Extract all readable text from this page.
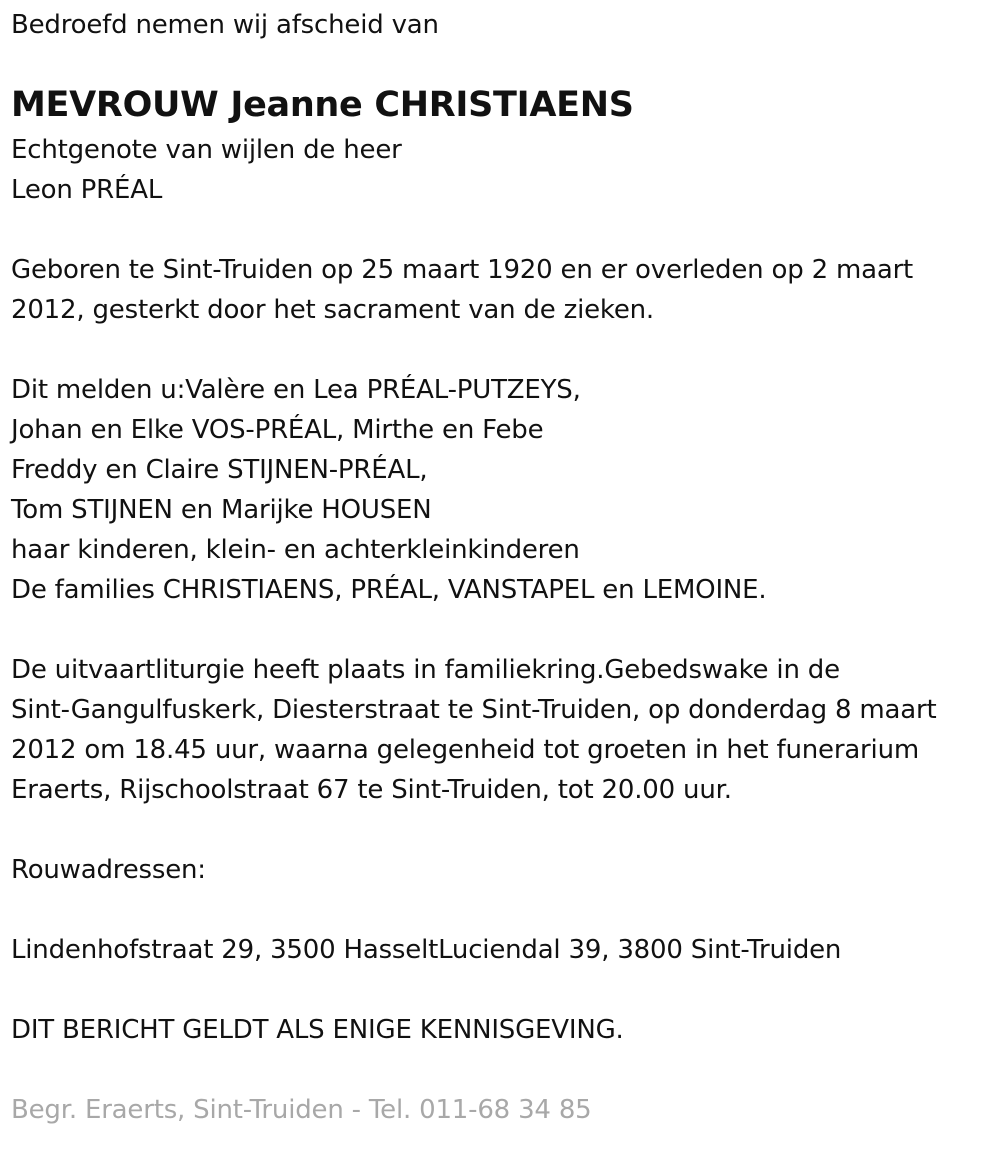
Bedroefd nemen wij afscheid van
MEVROUW Jeanne CHRISTIAENS
Echtgenote van wijlen de heer
Leon PRÉAL
Geboren te Sint-Truiden op 25 maart 1920 en er overleden op 2 maart
2012, gesterkt door het sacrament van de zieken.
Dit melden u:Valère en Lea PRÉAL-PUTZEYS,
Johan en Elke VOS-PRÉAL, Mirthe en Febe
Freddy en Claire STIJNEN-PRÉAL,
Tom STIJNEN en Marijke HOUSEN
haar kinderen, klein- en achterkleinkinderen
De families CHRISTIAENS, PRÉAL, VANSTAPEL en LEMOINE.
De uitvaartliturgie heeft plaats in familiekring.Gebedswake in de
Sint-Gangulfuskerk, Diesterstraat te Sint-Truiden, op donderdag 8 maart
2012 om 18.45 uur, waarna gelegenheid tot groeten in het funerarium
Eraerts, Rijschoolstraat 67 te Sint-Truiden, tot 20.00 uur.
Rouwadressen:
Lindenhofstraat 29, 3500 HasseltLuciendal 39, 3800 Sint-Truiden
DIT BERICHT GELDT ALS ENIGE KENNISGEVING.
Begr. Eraerts, Sint-Truiden - Tel. 011-68 34 85
